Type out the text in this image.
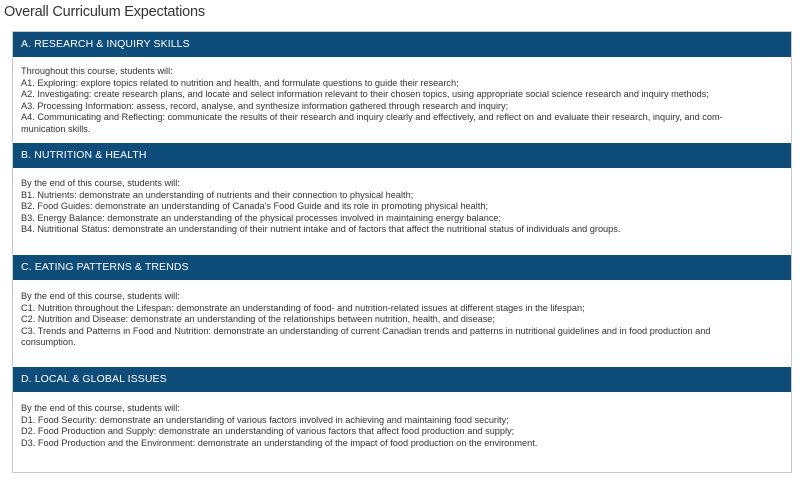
Overall Curriculum Expectations
A. RESEARCH & INQUIRY SKILLS

Throughout this course, students will:

A1. Exploring: explore topics related to nutrition and health, and formulate questions to guide their research;

A2. Investigating: create research plans, and locate and select information relevant to their chosen topics, using appropriate social science research and inquiry methods;

A3. Processing Information: assess, record, analyse, and synthesize information gathered through research and inquiry;

A4. Communicating and Reflecting: communicate the results of their research and inquiry clearly and effectively, and reflect on and evaluate their research, inquiry, and com-

munication skills.

B. NUTRITION & HEALTH

By the end of this course, students will:

B1. Nutrients: demonstrate an understanding of nutrients and their connection to physical health;

B2. Food Guides: demonstrate an understanding of Canada's Food Guide and its role in promoting physical health;

B3. Energy Balance: demonstrate an understanding of the physical processes involved in maintaining energy balance;

B4. Nutritional Status: demonstrate an understanding of their nutrient intake and of factors that affect the nutritional status of individuals and groups.

C. EATING PATTERNS & TRENDS

By the end of this course, students will:

C1. Nutrition throughout the Lifespan: demonstrate an understanding of food- and nutrition-related issues at different stages in the lifespan;

C2. Nutrition and Disease: demonstrate an understanding of the relationships between nutrition, health, and disease;

C3. Trends and Patterns in Food and Nutrition: demonstrate an understanding of current Canadian trends and patterns in nutritional guidelines and in food production and

consumption.

D. LOCAL & GLOBAL ISSUES

By the end of this course, students will:

D1. Food Security: demonstrate an understanding of various factors involved in achieving and maintaining food security;

D2. Food Production and Supply: demonstrate an understanding of various factors that affect food production and supply;

D3. Food Production and the Environment: demonstrate an understanding of the impact of food production on the environment.
